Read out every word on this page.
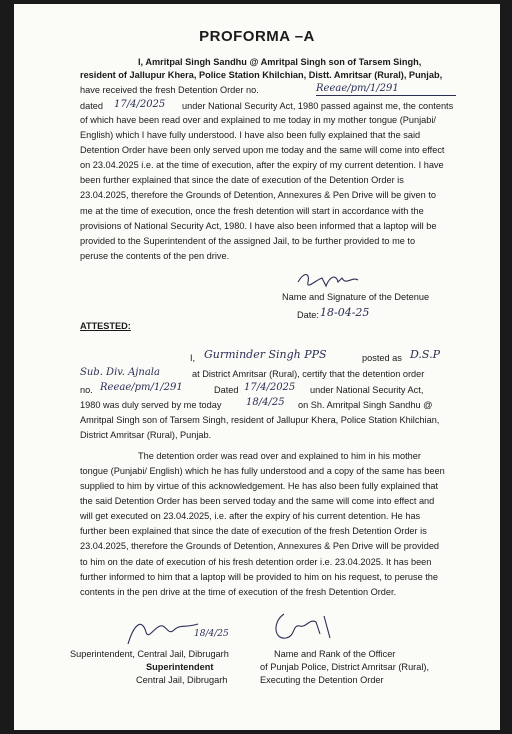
PROFORMA –A

I, Amritpal Singh Sandhu @ Amritpal Singh son of Tarsem Singh,

resident of Jallupur Khera, Police Station Khilchian, Distt. Amritsar (Rural), Punjab,

have received the fresh Detention Order no.	Reeae/pm/1/291
17/4/2025

dated	under National Security Act, 1980 passed against me, the contents

of which have been read over and explained to me today in my mother tongue (Punjabi/
English) which I have fully understood. I have also been fully explained that the said
Detention Order have been only served upon me today and the same will come into effect
on 23.04.2025 i.e. at the time of execution, after the expiry of my current detention. I have
been further explained that since the date of execution of the Detention Order is
23.04.2025, therefore the Grounds of Detention, Annexures & Pen Drive will be given to
me at the time of execution, once the fresh detention will start in accordance with the
provisions of National Security Act, 1980. I have also been informed that a laptop will be
provided to the Superintendent of the assigned Jail, to be further provided to me to
peruse the contents of the pen drive.

Name and Signature of the Detenue

Date: 18-04-25

ATTESTED:

I, Gurminder Singh PPS	posted as D.S.P
Sub. Div. Ajnala	at District Amritsar (Rural), certify that the detention order

no. Reeae/pm/1/291	Dated 17/4/2025 under National Security Act,

1980 was duly served by me today 18/4/25 on Sh. Amritpal Singh Sandhu @

Amritpal Singh son of Tarsem Singh, resident of Jallupur Khera, Police Station Khilchian,

District Amritsar (Rural), Punjab.

The detention order was read over and explained to him in his mother

tongue (Punjabi/ English) which he has fully understood and a copy of the same has been
supplied to him by virtue of this acknowledgement. He has also been fully explained that
the said Detention Order has been served today and the same will come into effect and
will get executed on 23.04.2025, i.e. after the expiry of his current detention. He has
further been explained that since the date of execution of the fresh Detention Order is
23.04.2025, therefore the Grounds of Detention, Annexures & Pen Drive will be provided
to him on the date of execution of his fresh detention order i.e. 23.04.2025. It has been
further informed to him that a laptop will be provided to him on his request, to peruse the
contents in the pen drive at the time of execution of the fresh Detention Order.
18/4/25

Superintendent, Central Jail, Dibrugarh

Superintendent

Central Jail, Dibrugarh

Name and Rank of the Officer

of Punjab Police, District Amritsar (Rural),

Executing the Detention Order
